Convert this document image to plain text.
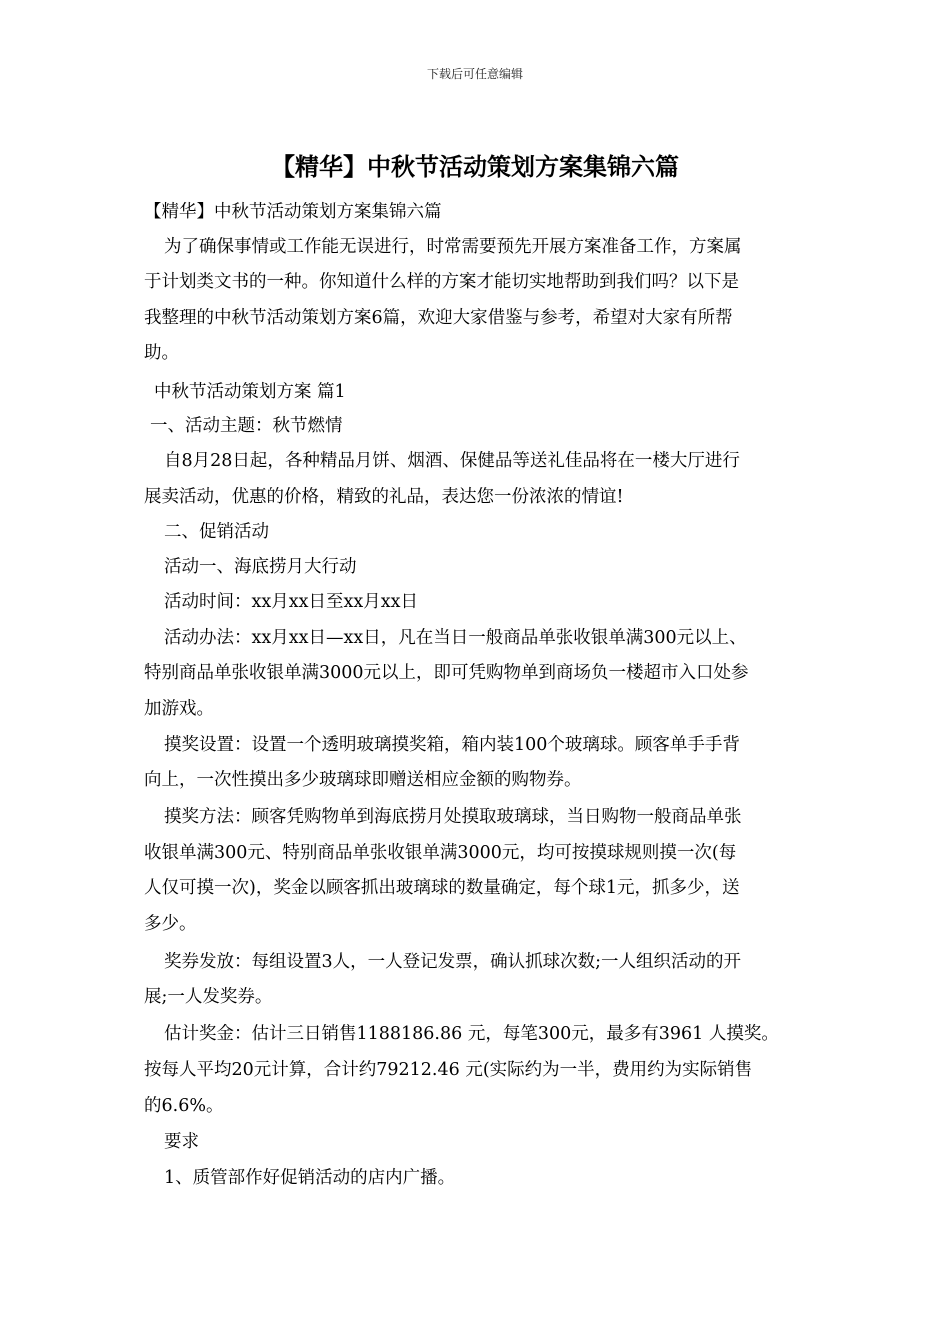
下载后可任意编辑
【精华】中秋节活动策划方案集锦六篇

【精华】中秋节活动策划方案集锦六篇

为了确保事情或工作能无误进行，时常需要预先开展方案准备工作，方案属

于计划类文书的一种。你知道什么样的方案才能切实地帮助到我们吗？以下是

我整理的中秋节活动策划方案6篇，欢迎大家借鉴与参考，希望对大家有所帮

助。

中秋节活动策划方案 篇1

一、活动主题：秋节燃情

自8月28日起，各种精品月饼、烟酒、保健品等送礼佳品将在一楼大厅进行

展卖活动，优惠的价格，精致的礼品，表达您一份浓浓的情谊!

二、促销活动

活动一、海底捞月大行动

活动时间：xx月xx日至xx月xx日

活动办法：xx月xx日—xx日，凡在当日一般商品单张收银单满300元以上、

特别商品单张收银单满3000元以上，即可凭购物单到商场负一楼超市入口处参

加游戏。

摸奖设置：设置一个透明玻璃摸奖箱，箱内装100个玻璃球。顾客单手手背

向上，一次性摸出多少玻璃球即赠送相应金额的购物券。

摸奖方法：顾客凭购物单到海底捞月处摸取玻璃球，当日购物一般商品单张

收银单满300元、特别商品单张收银单满3000元，均可按摸球规则摸一次(每

人仅可摸一次)，奖金以顾客抓出玻璃球的数量确定，每个球1元，抓多少，送

多少。

奖券发放：每组设置3人，一人登记发票，确认抓球次数;一人组织活动的开

展;一人发奖券。

估计奖金：估计三日销售1188186.86 元，每笔300元，最多有3961 人摸奖。

按每人平均20元计算，合计约79212.46 元(实际约为一半，费用约为实际销售

的6.6%。

要求

1、质管部作好促销活动的店内广播。
